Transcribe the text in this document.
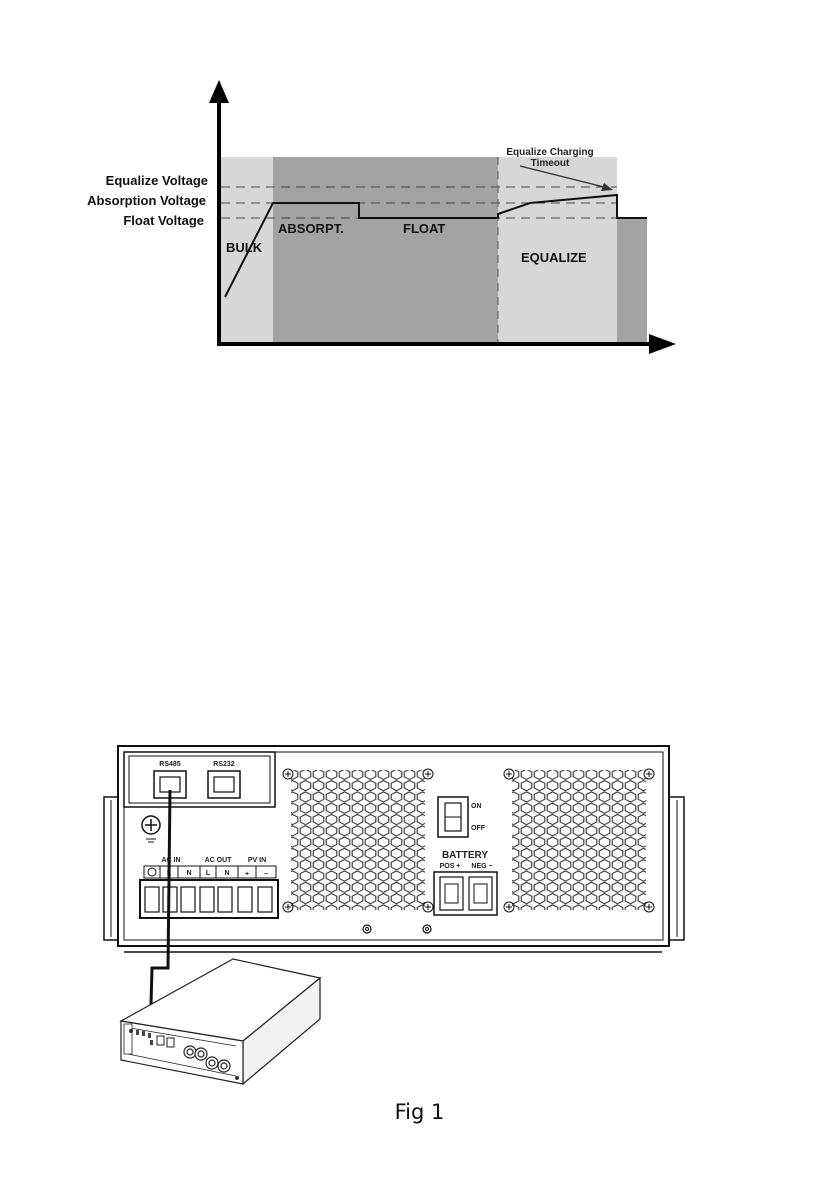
Equalize Voltage
Absorption Voltage
Float Voltage
BULK
ABSORPT.	FLOAT
EQUALIZE
Equalize Charging
Timeout
RS485	RS232
AC IN	AC OUT PV IN
L N L N + −
ON
OFF
BATTERY
POS + NEG −
Fig 1
